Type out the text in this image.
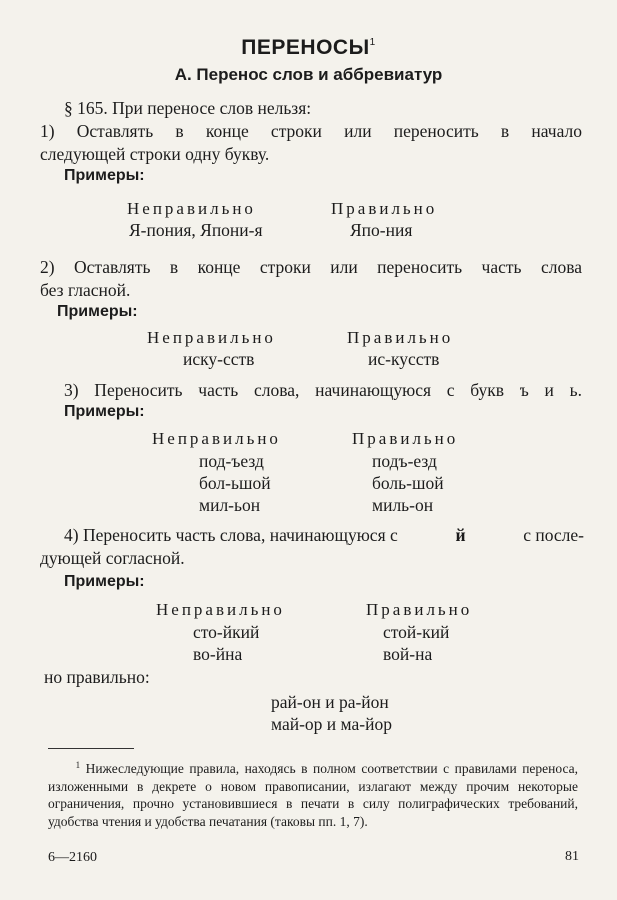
ПЕРЕНОСЫ$^1$
А. Перенос слов и аббревиатур
§ 165. При переносе слов нельзя:
1) Оставлять в конце строки или переносить в начало
следующей строки одну букву.
Примеры:
Неправильно	Правильно
Я-пония, Япони-я	Япо-ния
2) Оставлять в конце строки или переносить часть слова
без гласной.
Примеры:
Неправильно	Правильно
иску-сств	ис-кусств
3) Переносить часть слова, начинающуюся с букв ъ и ь.
Примеры:
Неправильно	Правильно
под-ъезд	подъ-езд
бол-ьшой	боль-шой
мил-ьон	миль-он
4) Переносить часть слова, начинающуюся с	й	с после-
дующей согласной.
Примеры:
Неправильно	Правильно
сто-йкий	стой-кий
во-йна	вой-на
но правильно:
рай-он и ра-йон
май-ор и ма-йор
$^1$ Нижеследующие правила, находясь в полном соответствии с правилами переноса, изложенными в декрете о новом правописании, излагают между прочим некоторые ограничения, прочно установившиеся в печати в силу полиграфических требований, удобства чтения и удобства печатания (таковы пп. 1, 7).
6—2160	81
